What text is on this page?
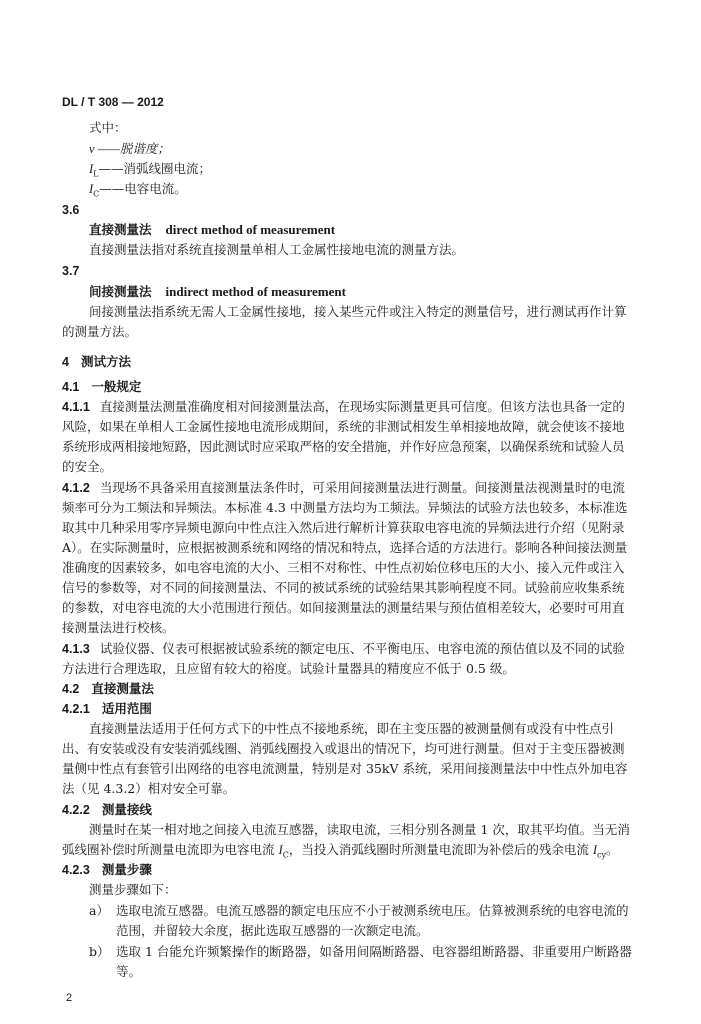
DL / T 308 — 2012
式中：
v ——脱谐度；
$I_L——$消弧线圈电流；
$I_C——$电容电流。
3.6
直接测量法 direct method of measurement
直接测量法指对系统直接测量单相人工金属性接地电流的测量方法。
3.7
间接测量法 indirect method of measurement
间接测量法指系统无需人工金属性接地，接入某些元件或注入特定的测量信号，进行测试再作计算
的测量方法。
4 测试方法
4.1 一般规定
4.1.1 直接测量法测量准确度相对间接测量法高，在现场实际测量更具可信度。但该方法也具备一定的
风险，如果在单相人工金属性接地电流形成期间，系统的非测试相发生单相接地故障，就会使该不接地
系统形成两相接地短路，因此测试时应采取严格的安全措施，并作好应急预案，以确保系统和试验人员
的安全。
4.1.2 当现场不具备采用直接测量法条件时，可采用间接测量法进行测量。间接测量法视测量时的电流
频率可分为工频法和异频法。本标准 4.3 中测量方法均为工频法。异频法的试验方法也较多，本标准选
取其中几种采用零序异频电源向中性点注入然后进行解析计算获取电容电流的异频法进行介绍（见附录
A）。在实际测量时，应根据被测系统和网络的情况和特点，选择合适的方法进行。影响各种间接法测量
准确度的因素较多，如电容电流的大小、三相不对称性、中性点初始位移电压的大小、接入元件或注入
信号的参数等，对不同的间接测量法、不同的被试系统的试验结果其影响程度不同。试验前应收集系统
的参数，对电容电流的大小范围进行预估。如间接测量法的测量结果与预估值相差较大，必要时可用直
接测量法进行校核。
4.1.3 试验仪器、仪表可根据被试验系统的额定电压、不平衡电压、电容电流的预估值以及不同的试验
方法进行合理选取，且应留有较大的裕度。试验计量器具的精度应不低于 0.5 级。
4.2 直接测量法
4.2.1 适用范围
直接测量法适用于任何方式下的中性点不接地系统，即在主变压器的被测量侧有或没有中性点引
出、有安装或没有安装消弧线圈、消弧线圈投入或退出的情况下，均可进行测量。但对于主变压器被测
量侧中性点有套管引出网络的电容电流测量，特别是对 35kV 系统，采用间接测量法中中性点外加电容
法（见 4.3.2）相对安全可靠。
4.2.2 测量接线
测量时在某一相对地之间接入电流互感器，读取电流，三相分别各测量 1 次，取其平均值。当无消
弧线圈补偿时所测量电流即为电容电流 $I_C$，当投入消弧线圈时所测量电流即为补偿后的残余电流 $I_{cy}$。
4.2.3 测量步骤
测量步骤如下：
a） 选取电流互感器。电流互感器的额定电压应不小于被测系统电压。估算被测系统的电容电流的
范围，并留较大余度，据此选取互感器的一次额定电流。
b） 选取 1 台能允许频繁操作的断路器，如备用间隔断路器、电容器组断路器、非重要用户断路器
等。
2
